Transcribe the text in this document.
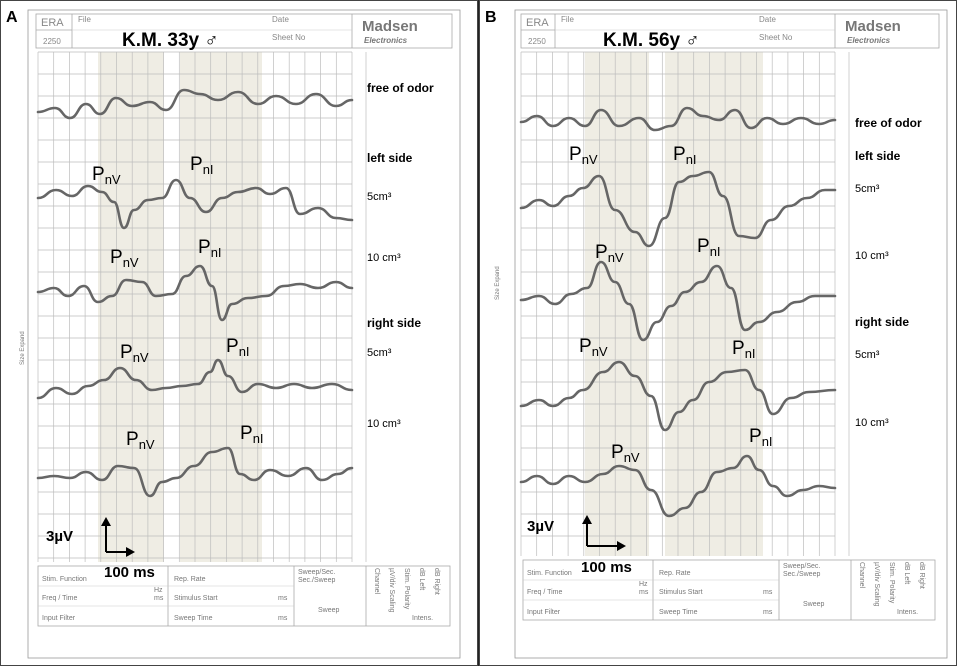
ERA
2250
File	Date
Sheet No
Madsen
Electronics
A
K.M. 33y ♂
Size Expand
free of odor
left side
5cm³
10 cm³
right side
5cm³
10 cm³
$P_{nV}$
$P_{nI}$
$P_{nV}$
$P_{nI}$
$P_{nV}$
$P_{nI}$
$P_{nV}$
$P_{nI}$
3µV
100 ms
Stim. Function
Freq / Time
Input Filter
Rep. Rate
Stimulus Start
Sweep Time
Sweep/Sec.
Sec./Sweep
Hz
ms	ms
ms
Sweep
Channel µV/div Scaling Stim. Polarity dB Left dB Right
Intens.
ERA
2250
File	Date
Sheet No
Madsen
Electronics
B
K.M. 56y ♂
Size Expand
free of odor
left side
5cm³
10 cm³
right side
5cm³
10 cm³
$P_{nV}$	$P_{nI}$
$P_{nV}$
$P_{nI}$
$P_{nV}$	$P_{nI}$
$P_{nV}$
$P_{nI}$
3µV
100 ms
Stim. Function
Freq / Time
Input Filter
Rep. Rate
Stimulus Start
Sweep Time
Sweep/Sec.
Sec./Sweep
Hz
ms	ms
ms
Sweep
Channel µV/div Scaling Stim. Polarity dB Left dB Right
Intens.
